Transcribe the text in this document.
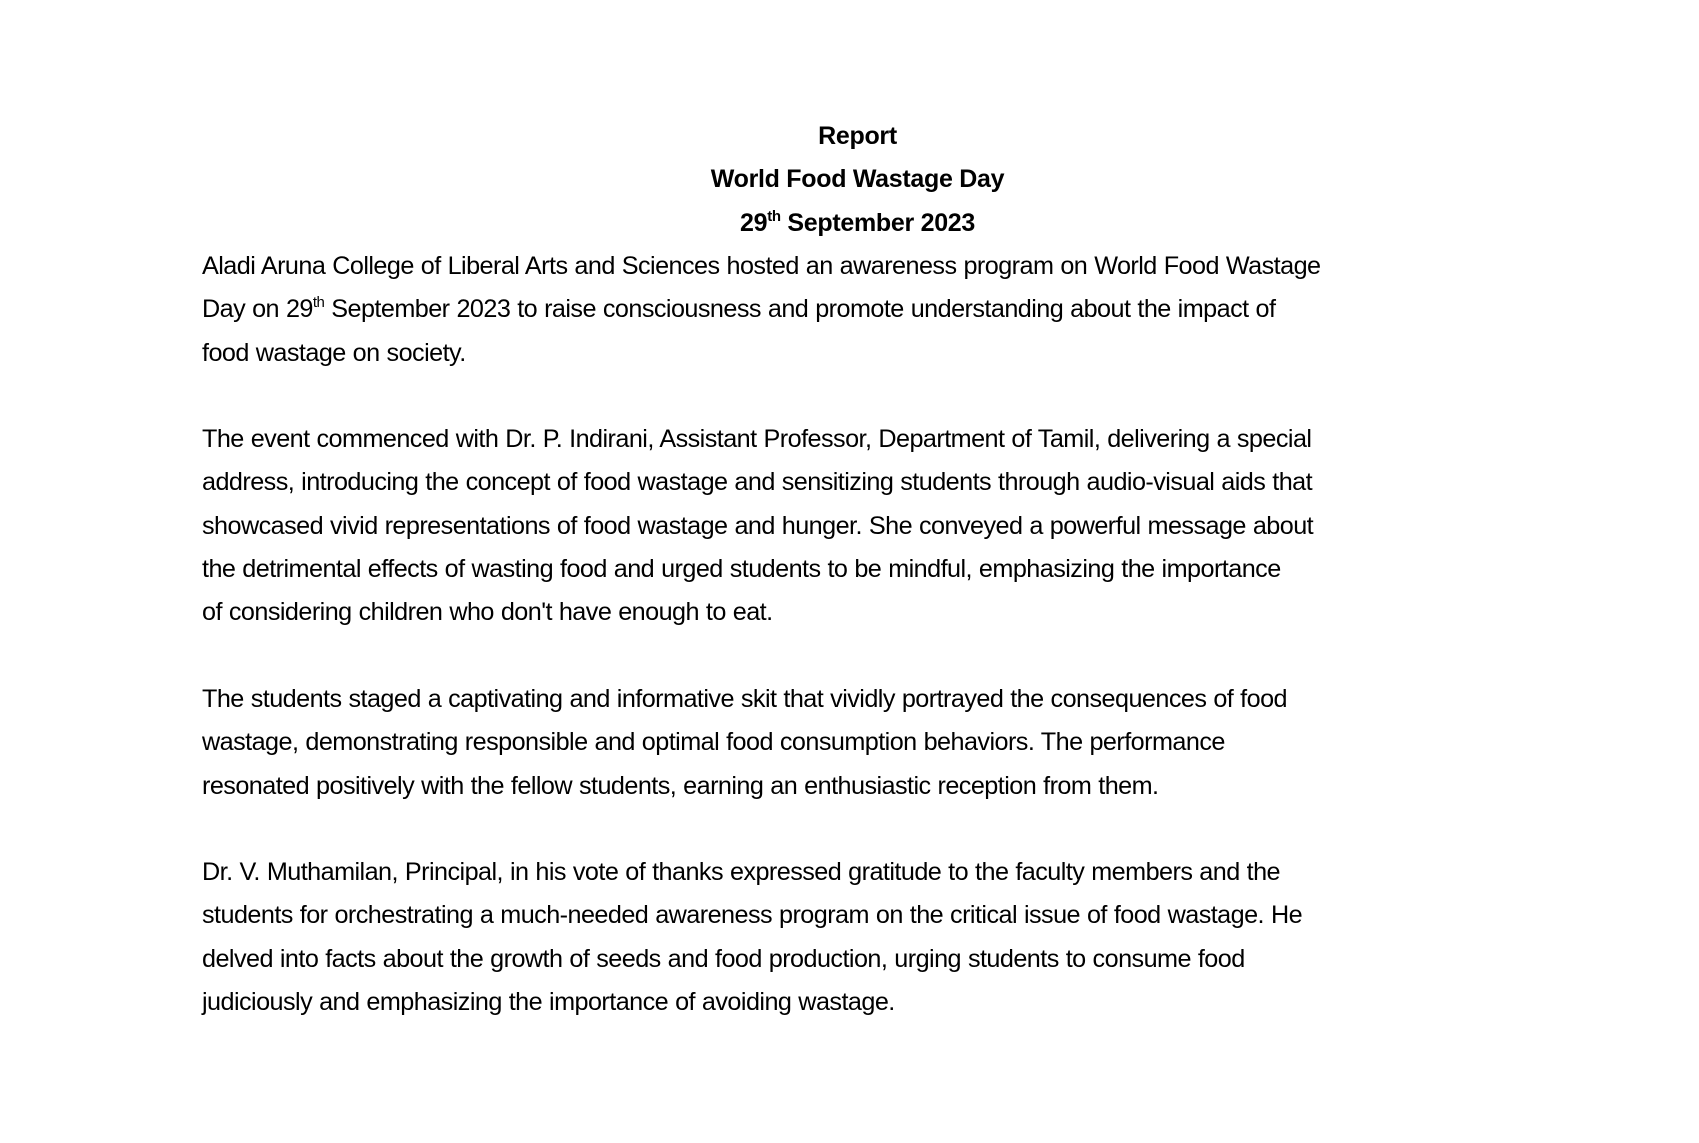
Report
World Food Wastage Day
29th September 2023
Aladi Aruna College of Liberal Arts and Sciences hosted an awareness program on World Food Wastage
Day on 29th September 2023 to raise consciousness and promote understanding about the impact of
food wastage on society.
The event commenced with Dr. P. Indirani, Assistant Professor, Department of Tamil, delivering a special
address, introducing the concept of food wastage and sensitizing students through audio-visual aids that
showcased vivid representations of food wastage and hunger. She conveyed a powerful message about
the detrimental effects of wasting food and urged students to be mindful, emphasizing the importance
of considering children who don't have enough to eat.
The students staged a captivating and informative skit that vividly portrayed the consequences of food
wastage, demonstrating responsible and optimal food consumption behaviors. The performance
resonated positively with the fellow students, earning an enthusiastic reception from them.
Dr. V. Muthamilan, Principal, in his vote of thanks expressed gratitude to the faculty members and the
students for orchestrating a much-needed awareness program on the critical issue of food wastage. He
delved into facts about the growth of seeds and food production, urging students to consume food
judiciously and emphasizing the importance of avoiding wastage.
